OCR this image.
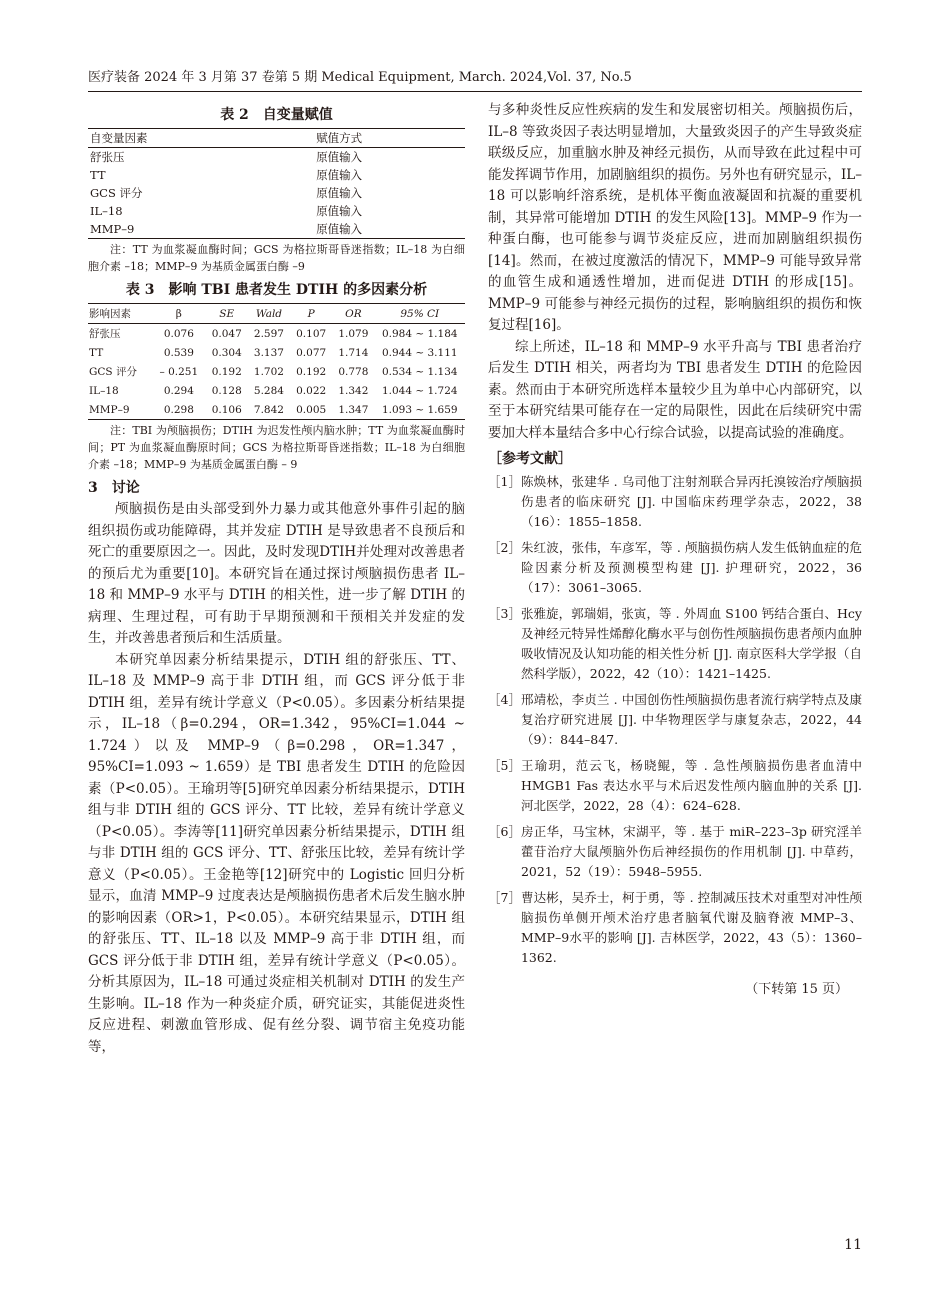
医疗装备 2024 年 3 月第 37 卷第 5 期 Medical Equipment, March. 2024,Vol. 37, No.5
表 2　自变量赋值
自变量因素	赋值方式
舒张压	原值输入
TT	原值输入
GCS 评分	原值输入
IL–18	原值输入
MMP–9	原值输入

注：TT 为血浆凝血酶时间；GCS 为格拉斯哥昏迷指数；IL–18 为白细胞介素 –18；MMP–9 为基质金属蛋白酶 –9

表 3　影响 TBI 患者发生 DTIH 的多因素分析
影响因素	β	SE	Wald	P	OR	95% CI
舒张压	0.076	0.047	2.597	0.107	1.079	0.984 ~ 1.184
TT	0.539	0.304	3.137	0.077	1.714	0.944 ~ 3.111
GCS 评分	– 0.251	0.192	1.702	0.192	0.778	0.534 ~ 1.134
IL–18	0.294	0.128	5.284	0.022	1.342	1.044 ~ 1.724
MMP–9	0.298	0.106	7.842	0.005	1.347	1.093 ~ 1.659

注：TBI 为颅脑损伤；DTIH 为迟发性颅内脑水肿；TT 为血浆凝血酶时间；PT 为血浆凝血酶原时间；GCS 为格拉斯哥昏迷指数；IL–18 为白细胞介素 –18；MMP–9 为基质金属蛋白酶 – 9

3　讨论

颅脑损伤是由头部受到外力暴力或其他意外事件引起的脑组织损伤或功能障碍，其并发症 DTIH 是导致患者不良预后和死亡的重要原因之一。因此，及时发现DTIH并处理对改善患者的预后尤为重要[10]。本研究旨在通过探讨颅脑损伤患者 IL–18 和 MMP–9 水平与 DTIH 的相关性，进一步了解 DTIH 的病理、生理过程，可有助于早期预测和干预相关并发症的发生，并改善患者预后和生活质量。

本研究单因素分析结果提示，DTIH 组的舒张压、TT、IL–18 及 MMP–9 高于非 DTIH 组，而 GCS 评分低于非 DTIH 组，差异有统计学意义（P<0.05）。多因素分析结果提示，IL–18（β=0.294，OR=1.342，95%CI=1.044 ~ 1.724）以及 MMP–9（β=0.298，OR=1.347，95%CI=1.093 ~ 1.659）是 TBI 患者发生 DTIH 的危险因素（P<0.05）。王瑜玥等[5]研究单因素分析结果提示，DTIH 组与非 DTIH 组的 GCS 评分、TT 比较，差异有统计学意义（P<0.05）。李涛等[11]研究单因素分析结果提示，DTIH 组与非 DTIH 组的 GCS 评分、TT、舒张压比较，差异有统计学意义（P<0.05）。王金艳等[12]研究中的 Logistic 回归分析显示，血清 MMP–9 过度表达是颅脑损伤患者术后发生脑水肿的影响因素（OR>1，P<0.05）。本研究结果显示，DTIH 组的舒张压、TT、IL–18 以及 MMP–9 高于非 DTIH 组，而 GCS 评分低于非 DTIH 组，差异有统计学意义（P<0.05）。分析其原因为，IL–18 可通过炎症相关机制对 DTIH 的发生产生影响。IL–18 作为一种炎症介质，研究证实，其能促进炎性反应进程、刺激血管形成、促有丝分裂、调节宿主免疫功能等，

与多种炎性反应性疾病的发生和发展密切相关。颅脑损伤后，IL–8 等致炎因子表达明显增加，大量致炎因子的产生导致炎症联级反应，加重脑水肿及神经元损伤，从而导致在此过程中可能发挥调节作用，加剧脑组织的损伤。另外也有研究显示，IL–18 可以影响纤溶系统，是机体平衡血液凝固和抗凝的重要机制，其异常可能增加 DTIH 的发生风险[13]。MMP–9 作为一种蛋白酶，也可能参与调节炎症反应，进而加剧脑组织损伤[14]。然而，在被过度激活的情况下，MMP–9 可能导致异常的血管生成和通透性增加，进而促进 DTIH 的形成[15]。MMP–9 可能参与神经元损伤的过程，影响脑组织的损伤和恢复过程[16]。

综上所述，IL–18 和 MMP–9 水平升高与 TBI 患者治疗后发生 DTIH 相关，两者均为 TBI 患者发生 DTIH 的危险因素。然而由于本研究所选样本量较少且为单中心内部研究，以至于本研究结果可能存在一定的局限性，因此在后续研究中需要加大样本量结合多中心行综合试验，以提高试验的准确度。

［参考文献］
［1］ 陈焕林，张建华 . 乌司他丁注射剂联合异丙托溴铵治疗颅脑损伤患者的临床研究 [J]. 中国临床药理学杂志，2022，38（16）：1855–1858.
［2］ 朱红波，张伟，车彦军，等 . 颅脑损伤病人发生低钠血症的危险因素分析及预测模型构建 [J]. 护理研究，2022，36（17）：3061–3065.
［3］ 张雅旋，郭瑞娟，张寅，等 . 外周血 S100 钙结合蛋白、Hcy 及神经元特异性烯醇化酶水平与创伤性颅脑损伤患者颅内血肿吸收情况及认知功能的相关性分析 [J]. 南京医科大学学报（自然科学版），2022，42（10）：1421–1425.
［4］ 邢靖松，李贞兰 . 中国创伤性颅脑损伤患者流行病学特点及康复治疗研究进展 [J]. 中华物理医学与康复杂志，2022，44（9）：844–847.
［5］ 王瑜玥，范云飞，杨晓鲲，等 . 急性颅脑损伤患者血清中 HMGB1 Fas 表达水平与术后迟发性颅内脑血肿的关系 [J]. 河北医学，2022，28（4）：624–628.
［6］ 房正华，马宝林，宋湖平，等 . 基于 miR–223–3p 研究淫羊藿苷治疗大鼠颅脑外伤后神经损伤的作用机制 [J]. 中草药，2021，52（19）：5948–5955.
［7］ 曹达彬，吴乔士，柯于勇，等 . 控制减压技术对重型对冲性颅脑损伤单侧开颅术治疗患者脑氧代谢及脑脊液 MMP–3、MMP–9水平的影响 [J]. 吉林医学，2022，43（5）：1360–1362.
（下转第 15 页）
11
